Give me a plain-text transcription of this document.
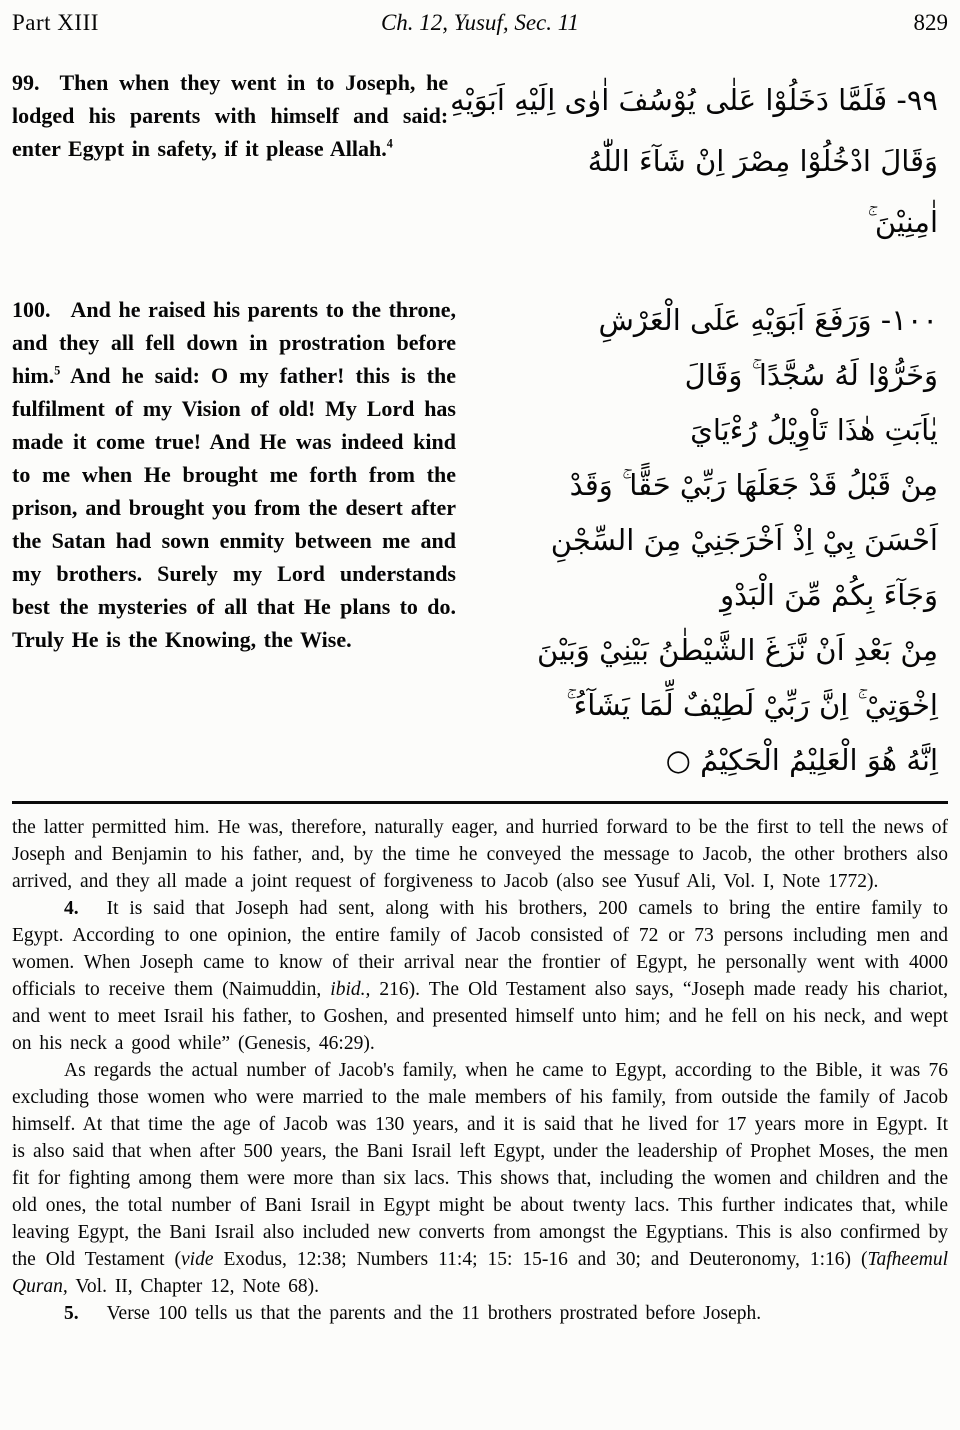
Part XIII	Ch. 12, Yusuf, Sec. 11	829
99. Then when they went in to Joseph, he lodged his parents with himself and said: enter Egypt in safety, if it please Allah.$^4$
٩٩- فَلَمَّا دَخَلُوْا عَلٰى يُوْسُفَ اٰوٰى اِلَيْهِ اَبَوَيْهِ
وَقَالَ ادْخُلُوْا مِصْرَ اِنْ شَآءَ اللّٰهُ
اٰمِنِيْنَ ۚ
100. And he raised his parents to the throne, and they all fell down in prostration before him.$^5$ And he said: O my father! this is the fulfilment of my Vision of old! My Lord has made it come true! And He was indeed kind to me when He brought me forth from the prison, and brought you from the desert after the Satan had sown enmity between me and my brothers. Surely my Lord understands best the mysteries of all that He plans to do. Truly He is the Knowing, the Wise.
١٠٠- وَرَفَعَ اَبَوَيْهِ عَلَى الْعَرْشِ
وَخَرُّوْا لَهُ سُجَّدًا ۚ وَقَالَ
يٰاَبَتِ هٰذَا تَاْوِيْلُ رُءْيَايَ
مِنْ قَبْلُ قَدْ جَعَلَهَا رَبِّيْ حَقًّا ۚ وَقَدْ
اَحْسَنَ بِيْ اِذْ اَخْرَجَنِيْ مِنَ السِّجْنِ
وَجَآءَ بِكُمْ مِّنَ الْبَدْوِ
مِنْ بَعْدِ اَنْ نَّزَغَ الشَّيْطٰنُ بَيْنِيْ وَبَيْنَ
اِخْوَتِيْ ۚ اِنَّ رَبِّيْ لَطِيْفٌ لِّمَا يَشَآءُ ۚ
اِنَّهُ هُوَ الْعَلِيْمُ الْحَكِيْمُ ○

the latter permitted him. He was, therefore, naturally eager, and hurried forward to be the first to tell the news of Joseph and Benjamin to his father, and, by the time he conveyed the message to Jacob, the other brothers also arrived, and they all made a joint request of forgiveness to Jacob (also see Yusuf Ali, Vol. I, Note 1772).

4. It is said that Joseph had sent, along with his brothers, 200 camels to bring the entire family to Egypt. According to one opinion, the entire family of Jacob consisted of 72 or 73 persons including men and women. When Joseph came to know of their arrival near the frontier of Egypt, he personally went with 4000 officials to receive them (Naimuddin, ibid., 216). The Old Testament also says, “Joseph made ready his chariot, and went to meet Israil his father, to Goshen, and presented himself unto him; and he fell on his neck, and wept on his neck a good while” (Genesis, 46:29).

As regards the actual number of Jacob's family, when he came to Egypt, according to the Bible, it was 76 excluding those women who were married to the male members of his family, from outside the family of Jacob himself. At that time the age of Jacob was 130 years, and it is said that he lived for 17 years more in Egypt. It is also said that when after 500 years, the Bani Israil left Egypt, under the leadership of Prophet Moses, the men fit for fighting among them were more than six lacs. This shows that, including the women and children and the old ones, the total number of Bani Israil in Egypt might be about twenty lacs. This further indicates that, while leaving Egypt, the Bani Israil also included new converts from amongst the Egyptians. This is also confirmed by the Old Testament (vide Exodus, 12:38; Numbers 11:4; 15: 15-16 and 30; and Deuteronomy, 1:16) (Tafheemul Quran, Vol. II, Chapter 12, Note 68).

5. Verse 100 tells us that the parents and the 11 brothers prostrated before Joseph.
